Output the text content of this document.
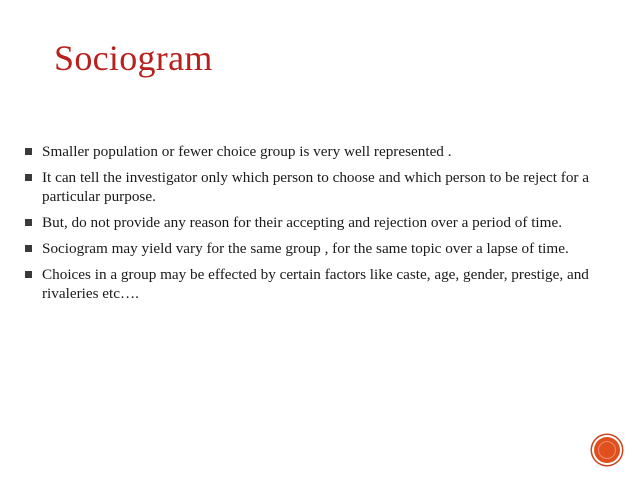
Sociogram
Smaller population or fewer choice group is very well represented .
It can tell the investigator only which person to choose and which person to be reject for a particular purpose.
But, do not provide any reason for their accepting and rejection over a period of time.
Sociogram may yield vary for the same group , for the same topic over a lapse of time.
Choices in a group may be effected by certain factors like caste, age, gender, prestige, and rivaleries etc….
